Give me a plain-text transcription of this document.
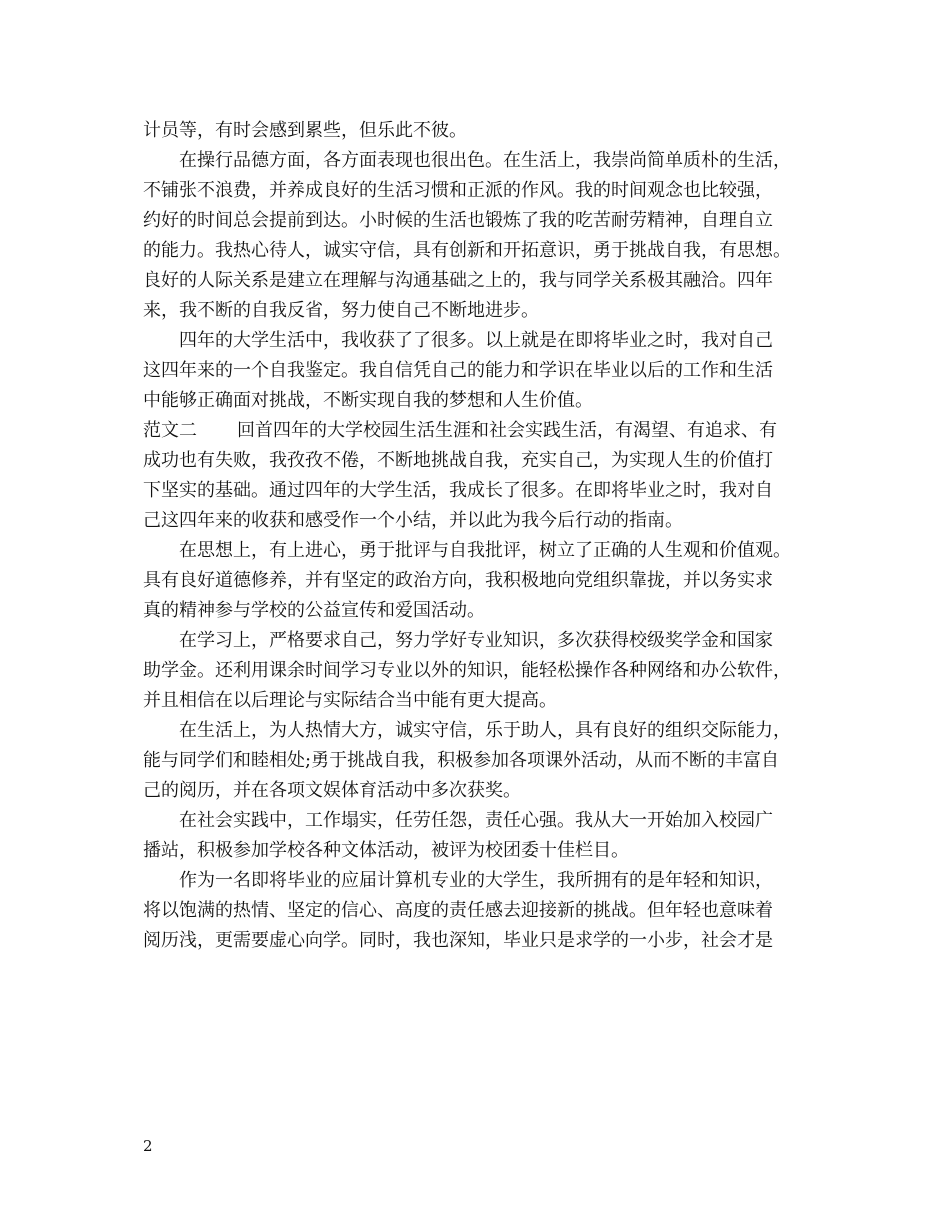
计员等，有时会感到累些，但乐此不彼。
在操行品德方面，各方面表现也很出色。在生活上，我崇尚简单质朴的生活，
不铺张不浪费，并养成良好的生活习惯和正派的作风。我的时间观念也比较强，
约好的时间总会提前到达。小时候的生活也锻炼了我的吃苦耐劳精神，自理自立
的能力。我热心待人，诚实守信，具有创新和开拓意识，勇于挑战自我，有思想。
良好的人际关系是建立在理解与沟通基础之上的，我与同学关系极其融洽。四年
来，我不断的自我反省，努力使自己不断地进步。
四年的大学生活中，我收获了了很多。以上就是在即将毕业之时，我对自己
这四年来的一个自我鉴定。我自信凭自己的能力和学识在毕业以后的工作和生活
中能够正确面对挑战，不断实现自我的梦想和人生价值。
范文二 回首四年的大学校园生活生涯和社会实践生活，有渴望、有追求、有
成功也有失败，我孜孜不倦，不断地挑战自我，充实自己，为实现人生的价值打
下坚实的基础。通过四年的大学生活，我成长了很多。在即将毕业之时，我对自
己这四年来的收获和感受作一个小结，并以此为我今后行动的指南。
在思想上，有上进心，勇于批评与自我批评，树立了正确的人生观和价值观。
具有良好道德修养，并有坚定的政治方向，我积极地向党组织靠拢，并以务实求
真的精神参与学校的公益宣传和爱国活动。
在学习上，严格要求自己，努力学好专业知识，多次获得校级奖学金和国家
助学金。还利用课余时间学习专业以外的知识，能轻松操作各种网络和办公软件，
并且相信在以后理论与实际结合当中能有更大提高。
在生活上，为人热情大方，诚实守信，乐于助人，具有良好的组织交际能力，
能与同学们和睦相处;勇于挑战自我，积极参加各项课外活动，从而不断的丰富自
己的阅历，并在各项文娱体育活动中多次获奖。
在社会实践中，工作塌实，任劳任怨，责任心强。我从大一开始加入校园广
播站，积极参加学校各种文体活动，被评为校团委十佳栏目。
作为一名即将毕业的应届计算机专业的大学生，我所拥有的是年轻和知识，
将以饱满的热情、坚定的信心、高度的责任感去迎接新的挑战。但年轻也意味着
阅历浅，更需要虚心向学。同时，我也深知，毕业只是求学的一小步，社会才是
2
